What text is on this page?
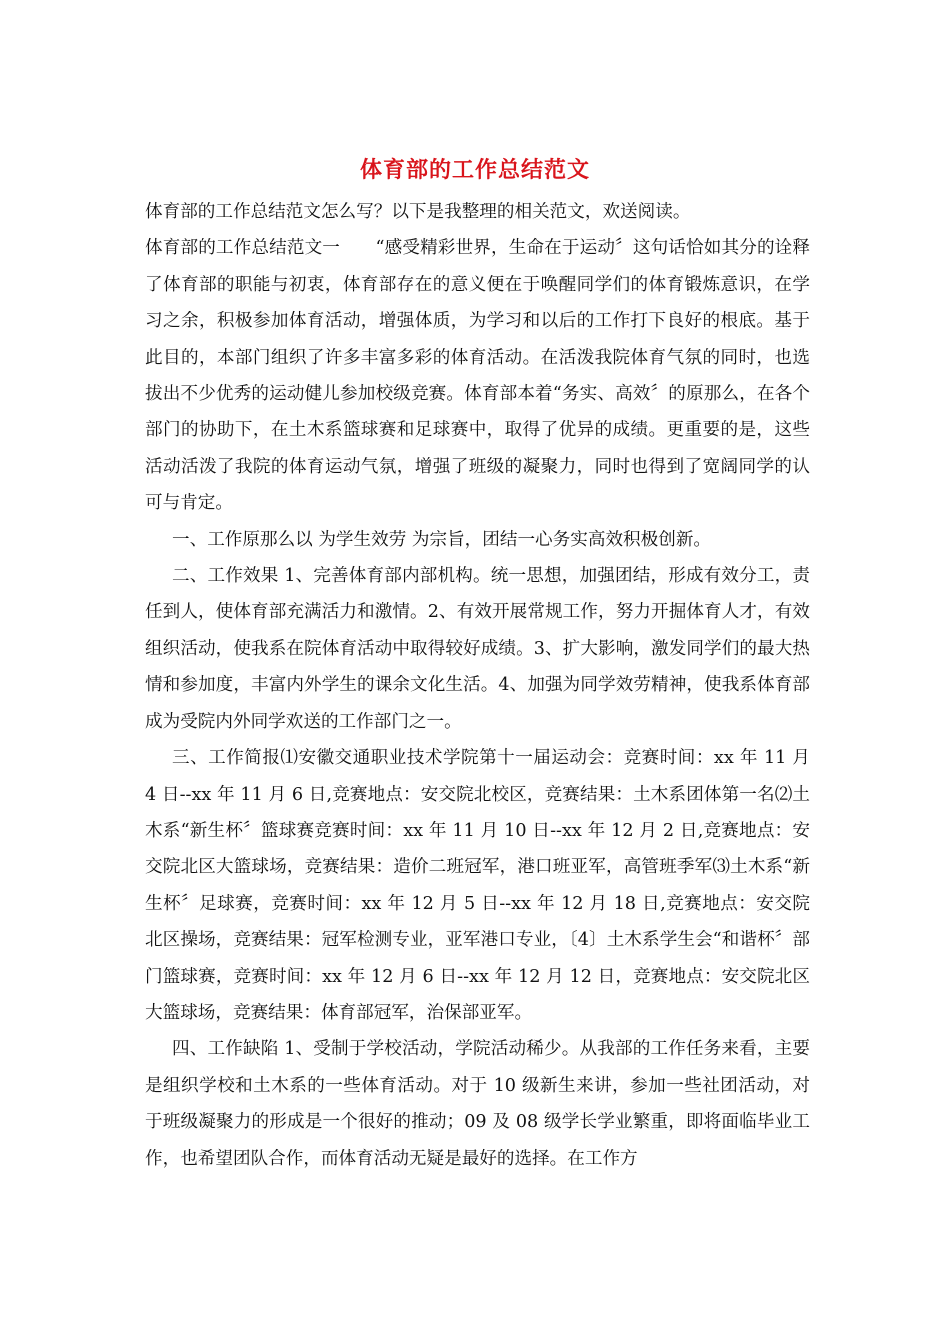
体育部的工作总结范文

体育部的工作总结范文怎么写？以下是我整理的相关范文，欢送阅读。

体育部的工作总结范文一　　“感受精彩世界，生命在于运动〞这句话恰如其分的诠释了体育部的职能与初衷，体育部存在的意义便在于唤醒同学们的体育锻炼意识，在学习之余，积极参加体育活动，增强体质，为学习和以后的工作打下良好的根底。基于此目的，本部门组织了许多丰富多彩的体育活动。在活泼我院体育气氛的同时，也选拔出不少优秀的运动健儿参加校级竞赛。体育部本着“务实、高效〞的原那么，在各个部门的协助下，在土木系篮球赛和足球赛中，取得了优异的成绩。更重要的是，这些活动活泼了我院的体育运动气氛，增强了班级的凝聚力，同时也得到了宽阔同学的认可与肯定。

一、工作原那么以 为学生效劳 为宗旨，团结一心务实高效积极创新。

二、工作效果 1、完善体育部内部机构。统一思想，加强团结，形成有效分工，责任到人，使体育部充满活力和激情。2、有效开展常规工作，努力开掘体育人才，有效组织活动，使我系在院体育活动中取得较好成绩。3、扩大影响，激发同学们的最大热情和参加度，丰富内外学生的课余文化生活。4、加强为同学效劳精神，使我系体育部成为受院内外同学欢送的工作部门之一。

三、工作简报⑴安徽交通职业技术学院第十一届运动会：竞赛时间：xx 年 11 月 4 日--xx 年 11 月 6 日,竞赛地点：安交院北校区，竞赛结果：土木系团体第一名⑵土木系“新生杯〞篮球赛竞赛时间：xx 年 11 月 10 日--xx 年 12 月 2 日,竞赛地点：安交院北区大篮球场，竞赛结果：造价二班冠军，港口班亚军，高管班季军⑶土木系“新生杯〞足球赛，竞赛时间：xx 年 12 月 5 日--xx 年 12 月 18 日,竞赛地点：安交院北区操场，竞赛结果：冠军检测专业，亚军港口专业，〔4〕土木系学生会“和谐杯〞部门篮球赛，竞赛时间：xx 年 12 月 6 日--xx 年 12 月 12 日，竞赛地点：安交院北区大篮球场，竞赛结果：体育部冠军，治保部亚军。

四、工作缺陷 1、受制于学校活动，学院活动稀少。从我部的工作任务来看，主要是组织学校和土木系的一些体育活动。对于 10 级新生来讲，参加一些社团活动，对于班级凝聚力的形成是一个很好的推动；09 及 08 级学长学业繁重，即将面临毕业工作，也希望团队合作，而体育活动无疑是最好的选择。在工作方
